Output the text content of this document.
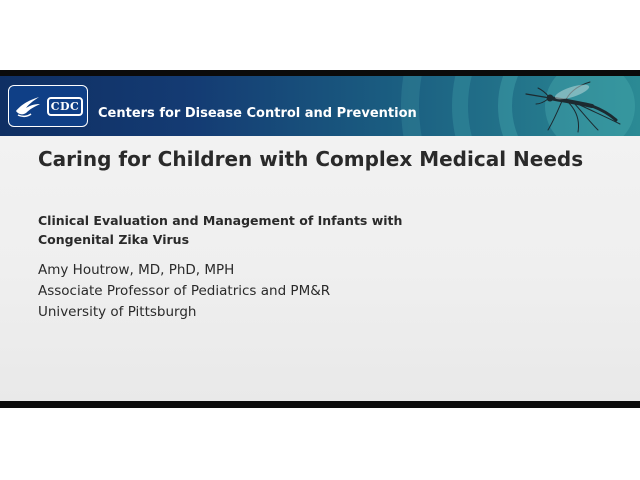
CDC Centers for Disease Control and Prevention
Caring for Children with Complex Medical Needs
Clinical Evaluation and Management of Infants with
Congenital Zika Virus
Amy Houtrow, MD, PhD, MPH
Associate Professor of Pediatrics and PM&R
University of Pittsburgh
